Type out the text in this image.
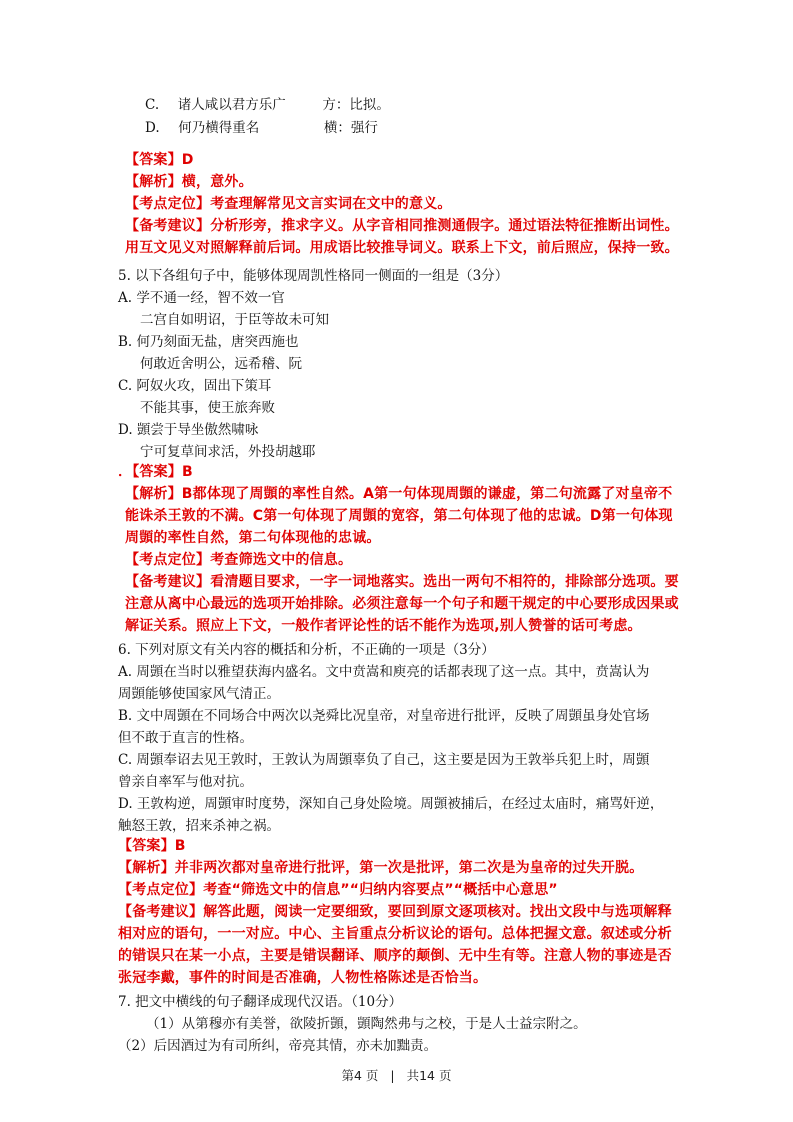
C. 诸人咸以君方乐广	方：比拟。
D. 何乃横得重名	横：强行
【答案】D
【解析】横，意外。
【考点定位】考查理解常见文言实词在文中的意义。
【备考建议】分析形旁，推求字义。从字音相同推测通假字。通过语法特征推断出词性。
用互文见义对照解释前后词。用成语比较推导词义。联系上下文，前后照应，保持一致。
5. 以下各组句子中，能够体现周凯性格同一侧面的一组是（3分）
A. 学不通一经，智不效一官
二宫自如明诏，于臣等故未可知
B. 何乃刻面无盐，唐突西施也
何敢近舍明公，远希稽、阮
C. 阿奴火攻，固出下策耳
不能其事，使王旅奔败
D. 顗尝于导坐傲然啸咏
宁可复草间求活，外投胡越耶
．【答案】B
【解析】B都体现了周顗的率性自然。A第一句体现周顗的谦虚，第二句流露了对皇帝不
能诛杀王敦的不满。C第一句体现了周顗的宽容，第二句体现了他的忠诚。D第一句体现
周顗的率性自然，第二句体现他的忠诚。
【考点定位】考查筛选文中的信息。
【备考建议】看清题目要求，一字一词地落实。选出一两句不相符的，排除部分选项。要
注意从离中心最远的选项开始排除。必须注意每一个句子和题干规定的中心要形成因果或
解证关系。照应上下文，一般作者评论性的话不能作为选项,别人赞誉的话可考虑。
6. 下列对原文有关内容的概括和分析，不正确的一项是（3分）
A. 周顗在当时以雅望获海内盛名。文中贲嵩和庾亮的话都表现了这一点。其中，贲嵩认为
周顗能够使国家风气清正。
B. 文中周顗在不同场合中两次以尧舜比况皇帝，对皇帝进行批评，反映了周顗虽身处官场
但不敢于直言的性格。
C. 周顗奉诏去见王敦时，王敦认为周顗辜负了自己，这主要是因为王敦举兵犯上时，周顗
曾亲自率军与他对抗。
D. 王敦构逆，周顗审时度势，深知自己身处险境。周顗被捕后，在经过太庙时，痛骂奸逆，
触怒王敦，招来杀神之祸。
【答案】B
【解析】并非两次都对皇帝进行批评，第一次是批评，第二次是为皇帝的过失开脱。
【考点定位】考查“筛选文中的信息”“归纳内容要点”“概括中心意思”
【备考建议】解答此题，阅读一定要细致，要回到原文逐项核对。找出文段中与选项解释
相对应的语句，一一对应。中心、主旨重点分析议论的语句。总体把握文意。叙述或分析
的错误只在某一小点，主要是错误翻译、顺序的颠倒、无中生有等。注意人物的事迹是否
张冠李戴，事件的时间是否准确，人物性格陈述是否恰当。
7. 把文中横线的句子翻译成现代汉语。（10分）
（1）从第穆亦有美誉，欲陵折顗，顗陶然弗与之校，于是人士益宗附之。
（2）后因酒过为有司所纠，帝亮其情，亦未加黜责。
第4 页 | 共14 页
